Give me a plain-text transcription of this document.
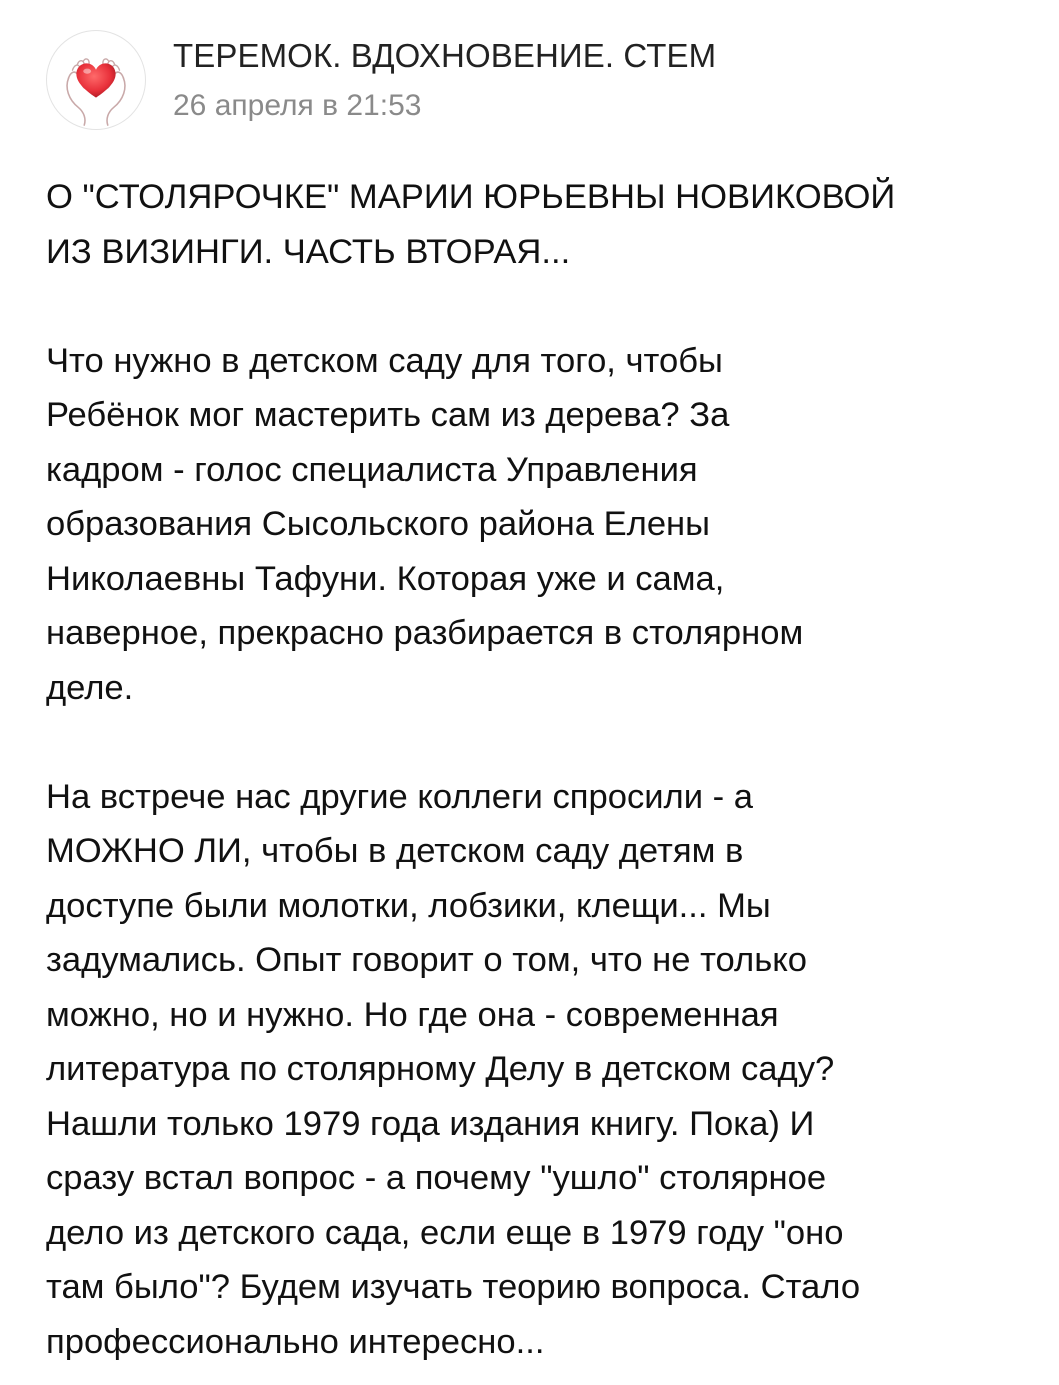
ТЕРЕМОК. ВДОХНОВЕНИЕ. СТЕМ
26 апреля в 21:53

О "СТОЛЯРОЧКЕ" МАРИИ ЮРЬЕВНЫ НОВИКОВОЙ
ИЗ ВИЗИНГИ. ЧАСТЬ ВТОРАЯ...

Что нужно в детском саду для того, чтобы
Ребёнок мог мастерить сам из дерева? За
кадром - голос специалиста Управления
образования Сысольского района Елены
Николаевны Тафуни. Которая уже и сама,
наверное, прекрасно разбирается в столярном
деле.

На встрече нас другие коллеги спросили - а
МОЖНО ЛИ, чтобы в детском саду детям в
доступе были молотки, лобзики, клещи... Мы
задумались. Опыт говорит о том, что не только
можно, но и нужно. Но где она - современная
литература по столярному Делу в детском саду?
Нашли только 1979 года издания книгу. Пока) И
сразу встал вопрос - а почему "ушло" столярное
дело из детского сада, если еще в 1979 году "оно
там было"? Будем изучать теорию вопроса. Стало
профессионально интересно...
